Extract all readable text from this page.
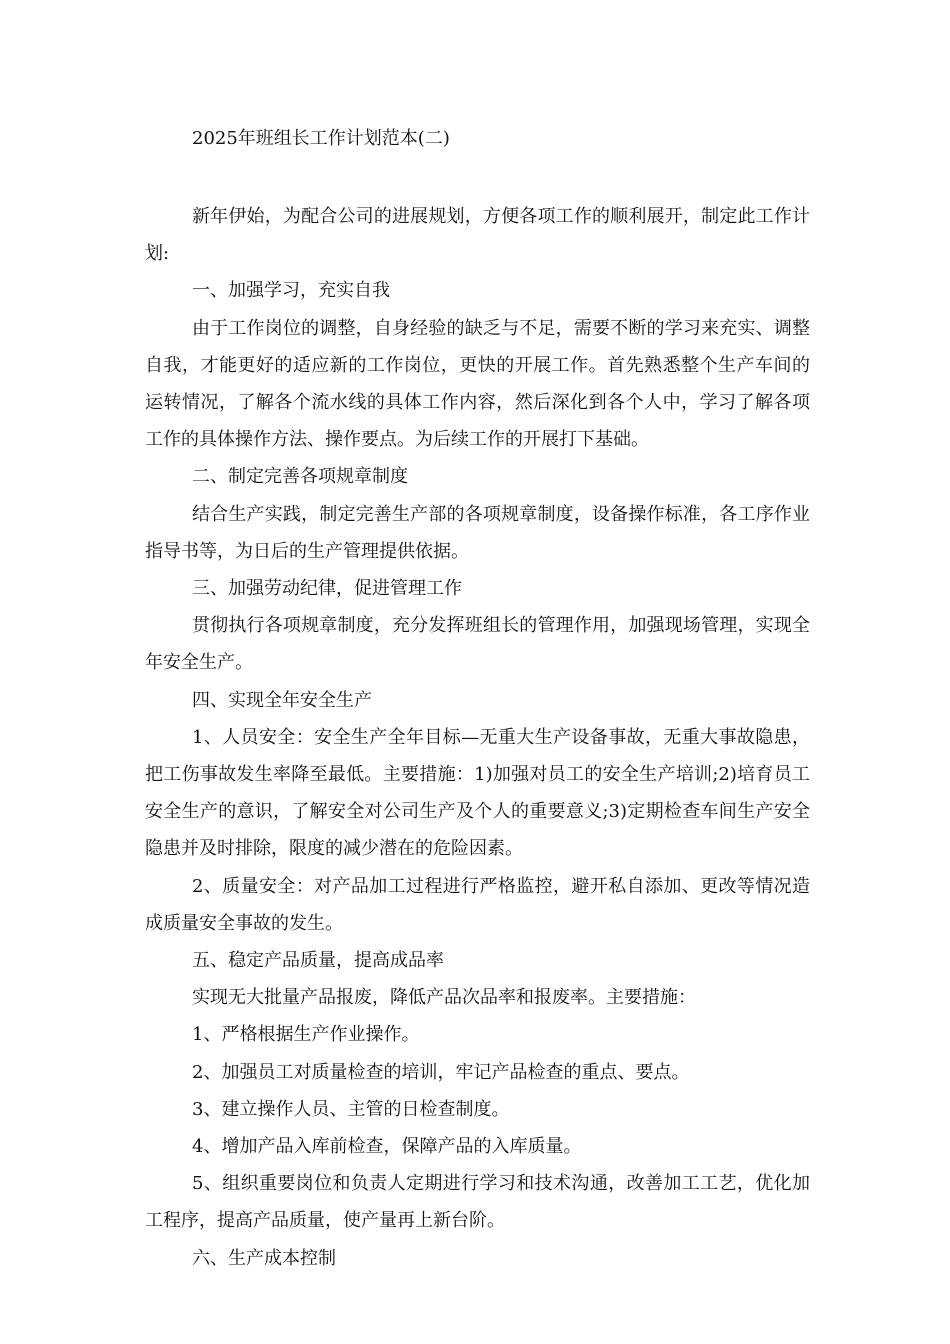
2025年班组长工作计划范本(二)

新年伊始，为配合公司的进展规划，方便各项工作的顺利展开，制定此工作计划:

一、加强学习，充实自我

由于工作岗位的调整，自身经验的缺乏与不足，需要不断的学习来充实、调整自我，才能更好的适应新的工作岗位，更快的开展工作。首先熟悉整个生产车间的运转情况，了解各个流水线的具体工作内容，然后深化到各个人中，学习了解各项工作的具体操作方法、操作要点。为后续工作的开展打下基础。

二、制定完善各项规章制度

结合生产实践，制定完善生产部的各项规章制度，设备操作标准，各工序作业指导书等，为日后的生产管理提供依据。

三、加强劳动纪律，促进管理工作

贯彻执行各项规章制度，充分发挥班组长的管理作用，加强现场管理，实现全年安全生产。

四、实现全年安全生产

1、人员安全：安全生产全年目标—无重大生产设备事故，无重大事故隐患，把工伤事故发生率降至最低。主要措施：1)加强对员工的安全生产培训;2)培育员工安全生产的意识，了解安全对公司生产及个人的重要意义;3)定期检查车间生产安全隐患并及时排除，限度的减少潜在的危险因素。

2、质量安全：对产品加工过程进行严格监控，避开私自添加、更改等情况造成质量安全事故的发生。

五、稳定产品质量，提高成品率

实现无大批量产品报废，降低产品次品率和报废率。主要措施：

1、严格根据生产作业操作。

2、加强员工对质量检查的培训，牢记产品检查的重点、要点。

3、建立操作人员、主管的日检查制度。

4、增加产品入库前检查，保障产品的入库质量。

5、组织重要岗位和负责人定期进行学习和技术沟通，改善加工工艺，优化加工程序，提高产品质量，使产量再上新台阶。

六、生产成本控制
